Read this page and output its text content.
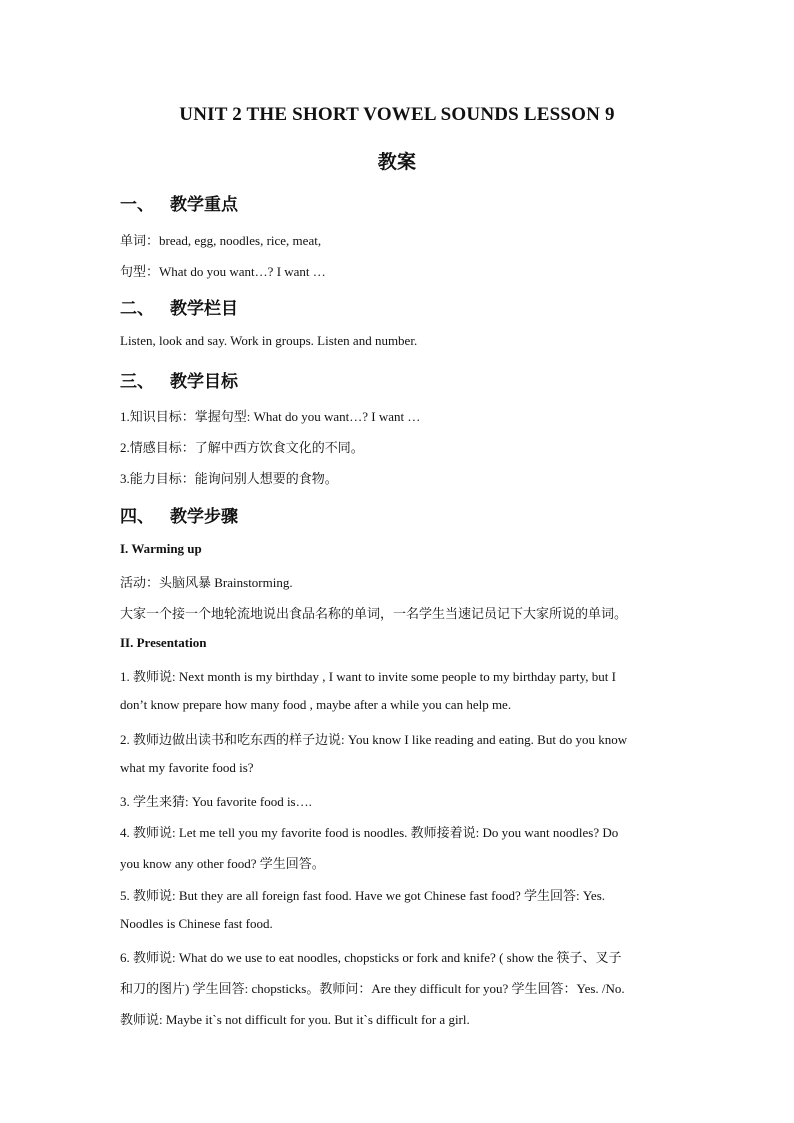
UNIT 2 THE SHORT VOWEL SOUNDS LESSON 9
教案
一、 教学重点
单词：bread, egg, noodles, rice, meat,
句型：What do you want…? I want …
二、 教学栏目
Listen, look and say. Work in groups. Listen and number.
三、 教学目标
1.知识目标：掌握句型: What do you want…? I want …
2.情感目标：了解中西方饮食文化的不同。
3.能力目标：能询问别人想要的食物。
四、 教学步骤
I. Warming up
活动：头脑风暴 Brainstorming.
大家一个接一个地轮流地说出食品名称的单词，一名学生当速记员记下大家所说的单词。
II. Presentation
1. 教师说: Next month is my birthday , I want to invite some people to my birthday party, but I
don’t know prepare how many food , maybe after a while you can help me.
2. 教师边做出读书和吃东西的样子边说: You know I like reading and eating. But do you know
what my favorite food is?
3. 学生来猜: You favorite food is….
4. 教师说: Let me tell you my favorite food is noodles. 教师接着说: Do you want noodles? Do
you know any other food? 学生回答。
5. 教师说: But they are all foreign fast food. Have we got Chinese fast food? 学生回答: Yes.
Noodles is Chinese fast food.
6. 教师说: What do we use to eat noodles, chopsticks or fork and knife? ( show the 筷子、叉子
和刀的图片) 学生回答: chopsticks。教师问：Are they difficult for you? 学生回答：Yes. /No.
教师说: Maybe it`s not difficult for you. But it`s difficult for a girl.
